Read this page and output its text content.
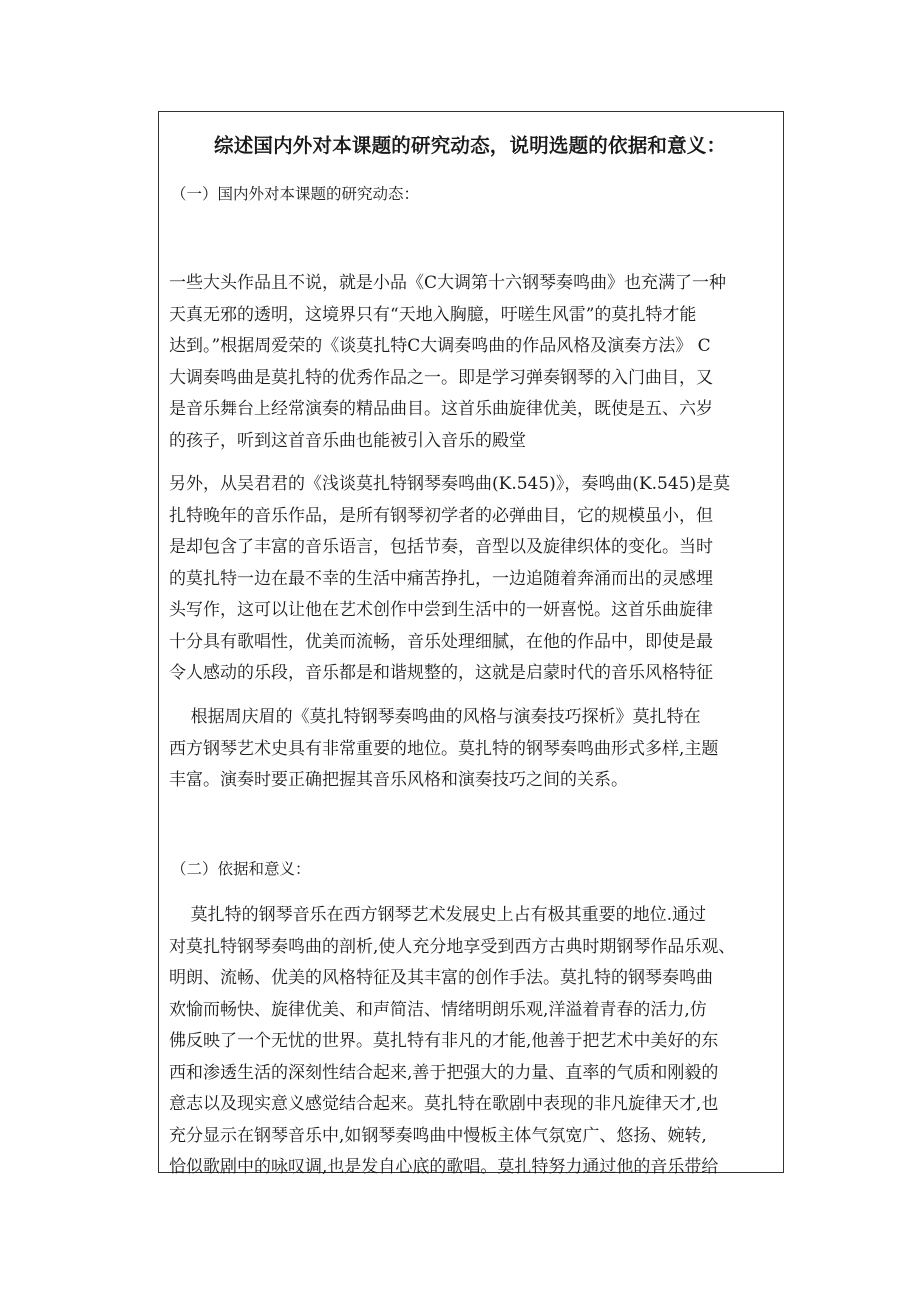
综述国内外对本课题的研究动态，说明选题的依据和意义：
（一）国内外对本课题的研究动态：
一些大头作品且不说，就是小品《C大调第十六钢琴奏鸣曲》也充满了一种
天真无邪的透明，这境界只有“天地入胸臆，吁嗟生风雷”的莫扎特才能
达到。”根据周爱荣的《谈莫扎特C大调奏鸣曲的作品风格及演奏方法》 C
大调奏鸣曲是莫扎特的优秀作品之一。即是学习弹奏钢琴的入门曲目，又
是音乐舞台上经常演奏的精品曲目。这首乐曲旋律优美，既使是五、六岁
的孩子，听到这首音乐曲也能被引入音乐的殿堂
另外，从吴君君的《浅谈莫扎特钢琴奏鸣曲(K.545)》，奏鸣曲(K.545)是莫
扎特晚年的音乐作品，是所有钢琴初学者的必弹曲目，它的规模虽小，但
是却包含了丰富的音乐语言，包括节奏，音型以及旋律织体的变化。当时
的莫扎特一边在最不幸的生活中痛苦挣扎，一边追随着奔涌而出的灵感埋
头写作，这可以让他在艺术创作中尝到生活中的一妍喜悦。这首乐曲旋律
十分具有歌唱性，优美而流畅，音乐处理细腻，在他的作品中，即使是最
令人感动的乐段，音乐都是和谐规整的，这就是启蒙时代的音乐风格特征
根据周庆眉的《莫扎特钢琴奏鸣曲的风格与演奏技巧探析》莫扎特在
西方钢琴艺术史具有非常重要的地位。莫扎特的钢琴奏鸣曲形式多样,主题
丰富。演奏时要正确把握其音乐风格和演奏技巧之间的关系。
（二）依据和意义：
莫扎特的钢琴音乐在西方钢琴艺术发展史上占有极其重要的地位.通过
对莫扎特钢琴奏鸣曲的剖析,使人充分地享受到西方古典时期钢琴作品乐观、
明朗、流畅、优美的风格特征及其丰富的创作手法。莫扎特的钢琴奏鸣曲
欢愉而畅快、旋律优美、和声简洁、情绪明朗乐观,洋溢着青春的活力,仿
佛反映了一个无忧的世界。莫扎特有非凡的才能,他善于把艺术中美好的东
西和渗透生活的深刻性结合起来,善于把强大的力量、直率的气质和刚毅的
意志以及现实意义感觉结合起来。莫扎特在歌剧中表现的非凡旋律天才,也
充分显示在钢琴音乐中,如钢琴奏鸣曲中慢板主体气氛宽广、悠扬、婉转,
恰似歌剧中的咏叹调,也是发自心底的歌唱。莫扎特努力通过他的音乐带给
